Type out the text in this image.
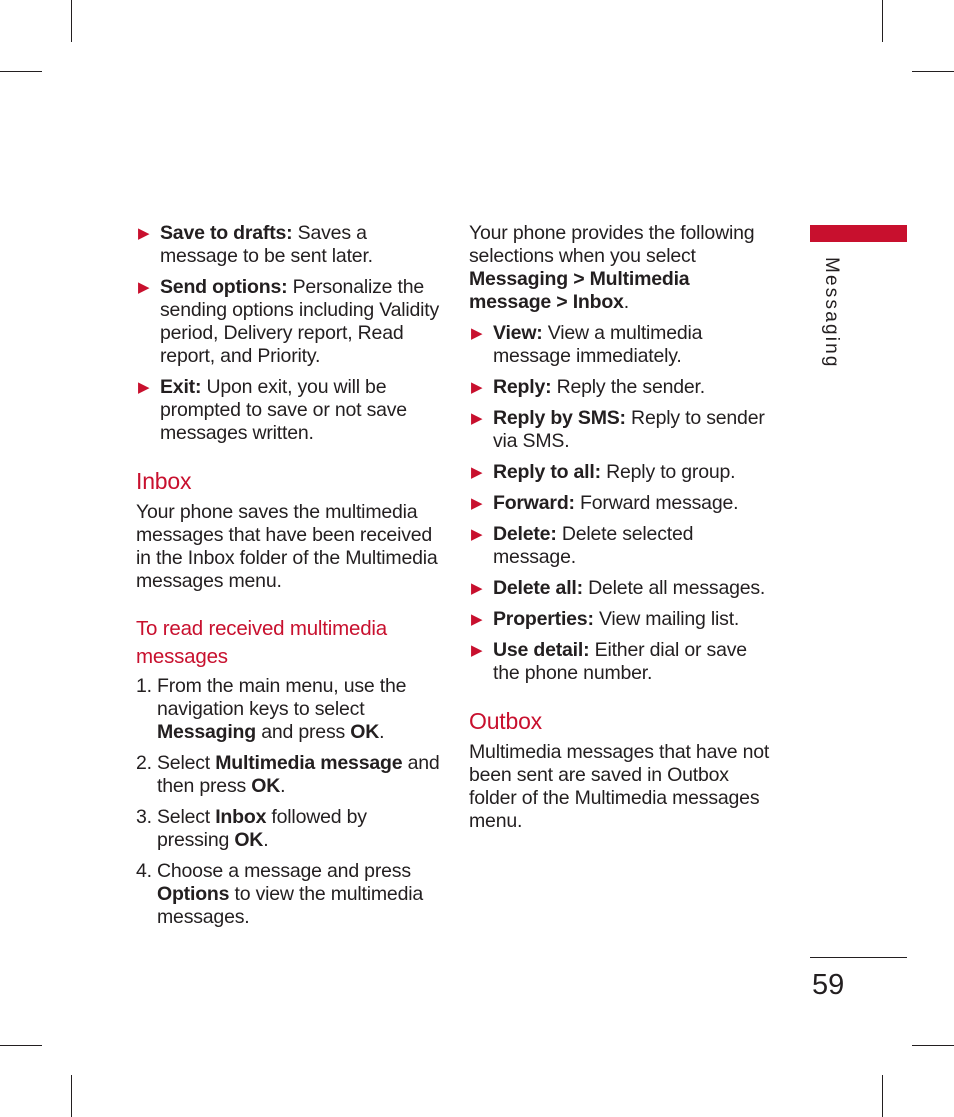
▶ Save to drafts: Saves a message to be sent later.
▶ Send options: Personalize the sending options including Validity period, Delivery report, Read report, and Priority.
▶ Exit: Upon exit, you will be prompted to save or not save messages written.
Inbox

Your phone saves the multimedia messages that have been received in the Inbox folder of the Multimedia messages menu.

To read received multimedia messages
1. From the main menu, use the navigation keys to select Messaging and press OK.
2. Select Multimedia message and then press OK.
3. Select Inbox followed by pressing OK.
4. Choose a message and press Options to view the multimedia messages.

Your phone provides the following selections when you select Messaging > Multimedia message > Inbox.

▶ View: View a multimedia message immediately.
▶ Reply: Reply the sender.
▶ Reply by SMS: Reply to sender via SMS.
▶ Reply to all: Reply to group.
▶ Forward: Forward message.
▶ Delete: Delete selected message.
▶ Delete all: Delete all messages.
▶ Properties: View mailing list.
▶ Use detail: Either dial or save the phone number.
Outbox

Multimedia messages that have not been sent are saved in Outbox folder of the Multimedia messages menu.

Messaging
59
